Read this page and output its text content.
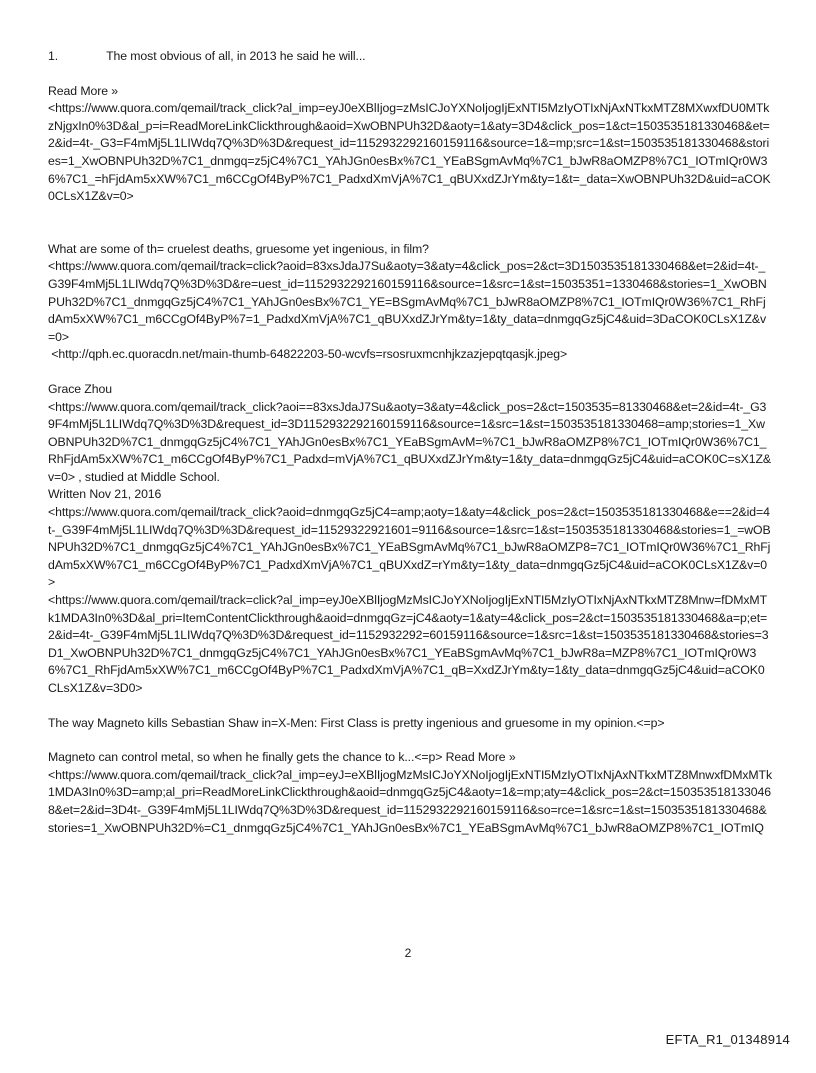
1.	The most obvious of all, in 2013 he said he will...

Read More »

<https://www.quora.com/qemail/track_click?al_imp=eyJ0eXBlIjog=zMsICJoYXNoIjogIjExNTI5MzIyOTIxNjAxNTkxMTZ8MXwxfDU0MTkzNjgxIn0%3D&al_p=i=ReadMoreLinkClickthrough&aoid=XwOBNPUh32D&aoty=1&aty=3D4&click_pos=1&ct=1503535181330468&et=2&id=4t-_G3=F4mMj5L1LIWdq7Q%3D%3D&request_id=1152932292160159116&source=1&=mp;src=1&st=1503535181330468&stories=1_XwOBNPUh32D%7C1_dnmgq=z5jC4%7C1_YAhJGn0esBx%7C1_YEaBSgmAvMq%7C1_bJwR8aOMZP8%7C1_IOTmIQr0W36%7C1_=hFjdAm5xXW%7C1_m6CCgOf4ByP%7C1_PadxdXmVjA%7C1_qBUXxdZJrYm&ty=1&t=_data=XwOBNPUh32D&uid=aCOK0CLsX1Z&v=0>

What are some of th= cruelest deaths, gruesome yet ingenious, in film?

<https://www.quora.com/qemail/track=click?aoid=83xsJdaJ7Su&aoty=3&aty=4&click_pos=2&ct=3D1503535181330468&et=2&id=4t-_G39F4mMj5L1LIWdq7Q%3D%3D&re=uest_id=1152932292160159116&source=1&src=1&st=15035351=1330468&stories=1_XwOBNPUh32D%7C1_dnmgqGz5jC4%7C1_YAhJGn0esBx%7C1_YE=BSgmAvMq%7C1_bJwR8aOMZP8%7C1_IOTmIQr0W36%7C1_RhFjdAm5xXW%7C1_m6CCgOf4ByP%7=1_PadxdXmVjA%7C1_qBUXxdZJrYm&ty=1&ty_data=dnmgqGz5jC4&uid=3DaCOK0CLsX1Z&v=0>

<http://qph.ec.quoracdn.net/main-thumb-64822203-50-wcvfs=rsosruxmcnhjkzazjepqtqasjk.jpeg>

Grace Zhou

<https://www.quora.com/qemail/track_click?aoi==83xsJdaJ7Su&aoty=3&aty=4&click_pos=2&ct=1503535=81330468&et=2&id=4t-_G39F4mMj5L1LIWdq7Q%3D%3D&request_id=3D1152932292160159116&source=1&src=1&st=1503535181330468=amp;stories=1_XwOBNPUh32D%7C1_dnmgqGz5jC4%7C1_YAhJGn0esBx%7C1_YEaBSgmAvM=%7C1_bJwR8aOMZP8%7C1_IOTmIQr0W36%7C1_RhFjdAm5xXW%7C1_m6CCgOf4ByP%7C1_Padxd=mVjA%7C1_qBUXxdZJrYm&ty=1&ty_data=dnmgqGz5jC4&uid=aCOK0C=sX1Z&v=0> , studied at Middle School.

Written Nov 21, 2016

<https://www.quora.com/qemail/track_click?aoid=dnmgqGz5jC4=amp;aoty=1&aty=4&click_pos=2&ct=1503535181330468&e==2&id=4t-_G39F4mMj5L1LIWdq7Q%3D%3D&request_id=11529322921601=9116&source=1&src=1&st=1503535181330468&stories=1_=wOBNPUh32D%7C1_dnmgqGz5jC4%7C1_YAhJGn0esBx%7C1_YEaBSgmAvMq%7C1_bJwR8aOMZP8=7C1_IOTmIQr0W36%7C1_RhFjdAm5xXW%7C1_m6CCgOf4ByP%7C1_PadxdXmVjA%7C1_qBUXxdZ=rYm&ty=1&ty_data=dnmgqGz5jC4&uid=aCOK0CLsX1Z&v=0>

<https://www.quora.com/qemail/track=click?al_imp=eyJ0eXBlIjogMzMsICJoYXNoIjogIjExNTI5MzIyOTIxNjAxNTkxMTZ8Mnw=fDMxMTk1MDA3In0%3D&al_pri=ItemContentClickthrough&aoid=dnmgqGz=jC4&aoty=1&aty=4&click_pos=2&ct=1503535181330468&a=p;et=2&id=4t-_G39F4mMj5L1LIWdq7Q%3D%3D&request_id=1152932292=60159116&source=1&src=1&st=1503535181330468&stories=3D1_XwOBNPUh32D%7C1_dnmgqGz5jC4%7C1_YAhJGn0esBx%7C1_YEaBSgmAvMq%7C1_bJwR8a=MZP8%7C1_IOTmIQr0W36%7C1_RhFjdAm5xXW%7C1_m6CCgOf4ByP%7C1_PadxdXmVjA%7C1_qB=XxdZJrYm&ty=1&ty_data=dnmgqGz5jC4&uid=aCOK0CLsX1Z&v=3D0>

The way Magneto kills Sebastian Shaw in=X-Men: First Class is pretty ingenious and gruesome in my opinion.<=p>

Magneto can control metal, so when he finally gets the chance to k...<=p> Read More »

<https://www.quora.com/qemail/track_click?al_imp=eyJ=eXBlIjogMzMsICJoYXNoIjogIjExNTI5MzIyOTIxNjAxNTkxMTZ8MnwxfDMxMTk1MDA3In0%3D=amp;al_pri=ReadMoreLinkClickthrough&aoid=dnmgqGz5jC4&aoty=1&=mp;aty=4&click_pos=2&ct=1503535181330468&et=2&id=3D4t-_G39F4mMj5L1LIWdq7Q%3D%3D&request_id=1152932292160159116&so=rce=1&src=1&st=1503535181330468&stories=1_XwOBNPUh32D%=C1_dnmgqGz5jC4%7C1_YAhJGn0esBx%7C1_YEaBSgmAvMq%7C1_bJwR8aOMZP8%7C1_IOTmIQ

2
EFTA_R1_01348914
